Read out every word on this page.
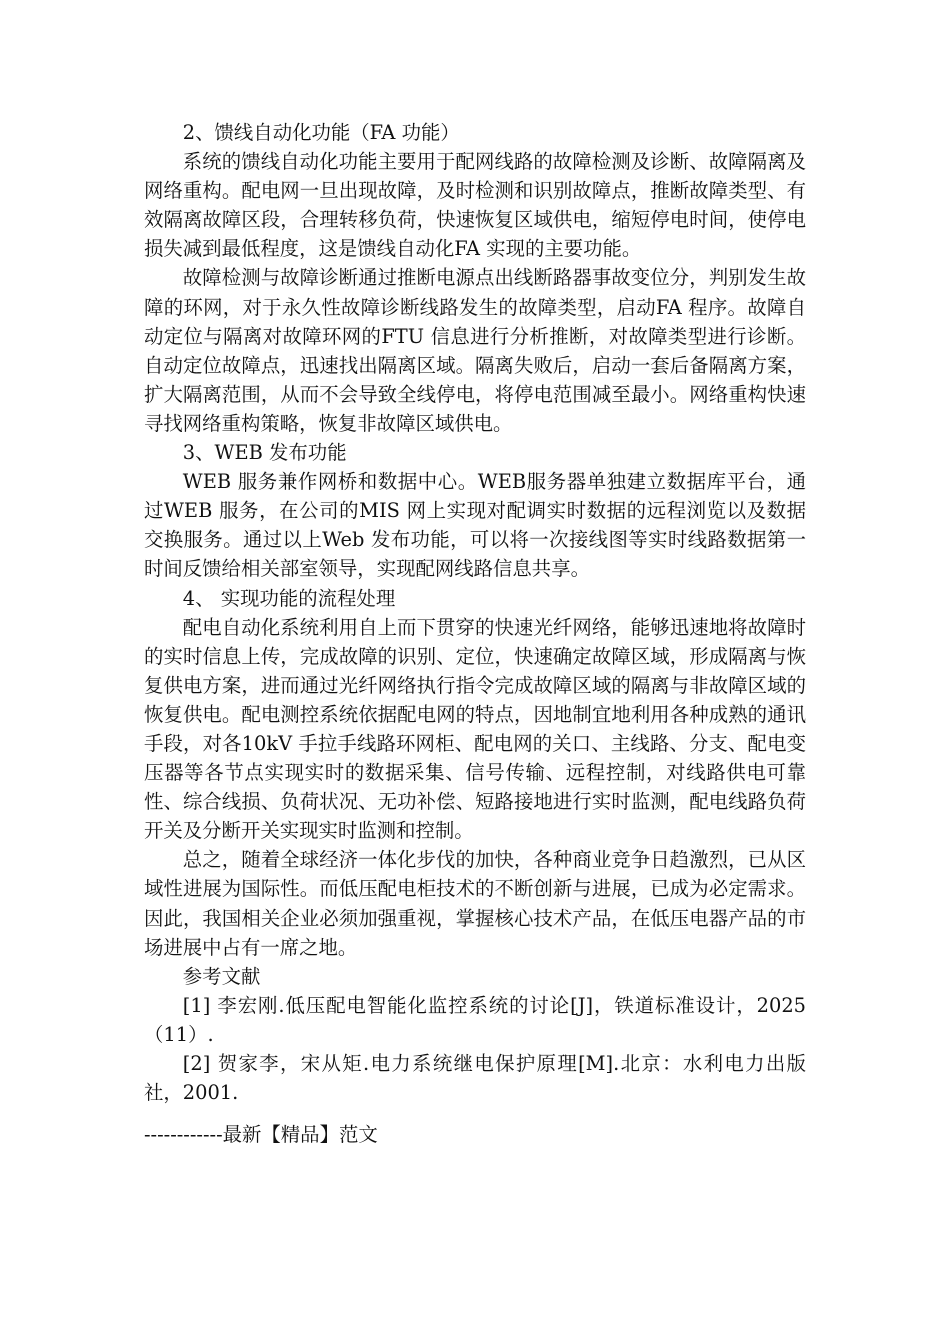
2、馈线自动化功能（FA 功能）

系统的馈线自动化功能主要用于配网线路的故障检测及诊断、故障隔离及网络重构。配电网一旦出现故障，及时检测和识别故障点，推断故障类型、有效隔离故障区段，合理转移负荷，快速恢复区域供电，缩短停电时间，使停电损失减到最低程度，这是馈线自动化FA 实现的主要功能。

故障检测与故障诊断通过推断电源点出线断路器事故变位分，判别发生故障的环网，对于永久性故障诊断线路发生的故障类型，启动FA 程序。故障自动定位与隔离对故障环网的FTU 信息进行分析推断，对故障类型进行诊断。自动定位故障点，迅速找出隔离区域。隔离失败后，启动一套后备隔离方案，扩大隔离范围，从而不会导致全线停电，将停电范围减至最小。网络重构快速寻找网络重构策略，恢复非故障区域供电。

3、WEB 发布功能

WEB 服务兼作网桥和数据中心。WEB服务器单独建立数据库平台，通过WEB 服务，在公司的MIS 网上实现对配调实时数据的远程浏览以及数据交换服务。通过以上Web 发布功能，可以将一次接线图等实时线路数据第一时间反馈给相关部室领导，实现配网线路信息共享。

4、 实现功能的流程处理

配电自动化系统利用自上而下贯穿的快速光纤网络，能够迅速地将故障时的实时信息上传，完成故障的识别、定位，快速确定故障区域，形成隔离与恢复供电方案，进而通过光纤网络执行指令完成故障区域的隔离与非故障区域的恢复供电。配电测控系统依据配电网的特点，因地制宜地利用各种成熟的通讯手段，对各10kV 手拉手线路环网柜、配电网的关口、主线路、分支、配电变压器等各节点实现实时的数据采集、信号传输、远程控制，对线路供电可靠性、综合线损、负荷状况、无功补偿、短路接地进行实时监测，配电线路负荷开关及分断开关实现实时监测和控制。

总之，随着全球经济一体化步伐的加快，各种商业竞争日趋激烈，已从区域性进展为国际性。而低压配电柜技术的不断创新与进展，已成为必定需求。因此，我国相关企业必须加强重视，掌握核心技术产品，在低压电器产品的市场进展中占有一席之地。

参考文献

[1] 李宏刚.低压配电智能化监控系统的讨论[J]，铁道标准设计，2025（11）.

[2] 贺家李，宋从矩.电力系统继电保护原理[M].北京：水利电力出版社，2001.

------------最新【精品】范文
